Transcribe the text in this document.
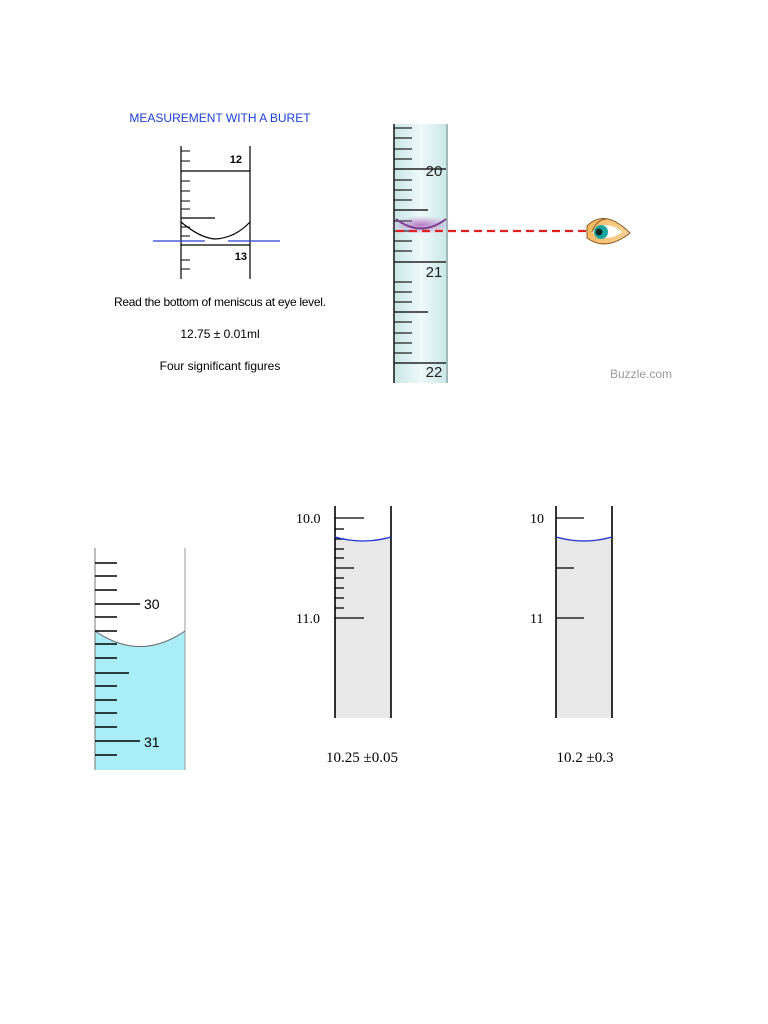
MEASUREMENT WITH A BURET
12
13
Read the bottom of meniscus at eye level.
12.75 ± 0.01ml
Four significant figures
20
21
22	Buzzle.com
30
31
10.0
11.0
10.25 ±0.05
10
11
10.2 ±0.3
